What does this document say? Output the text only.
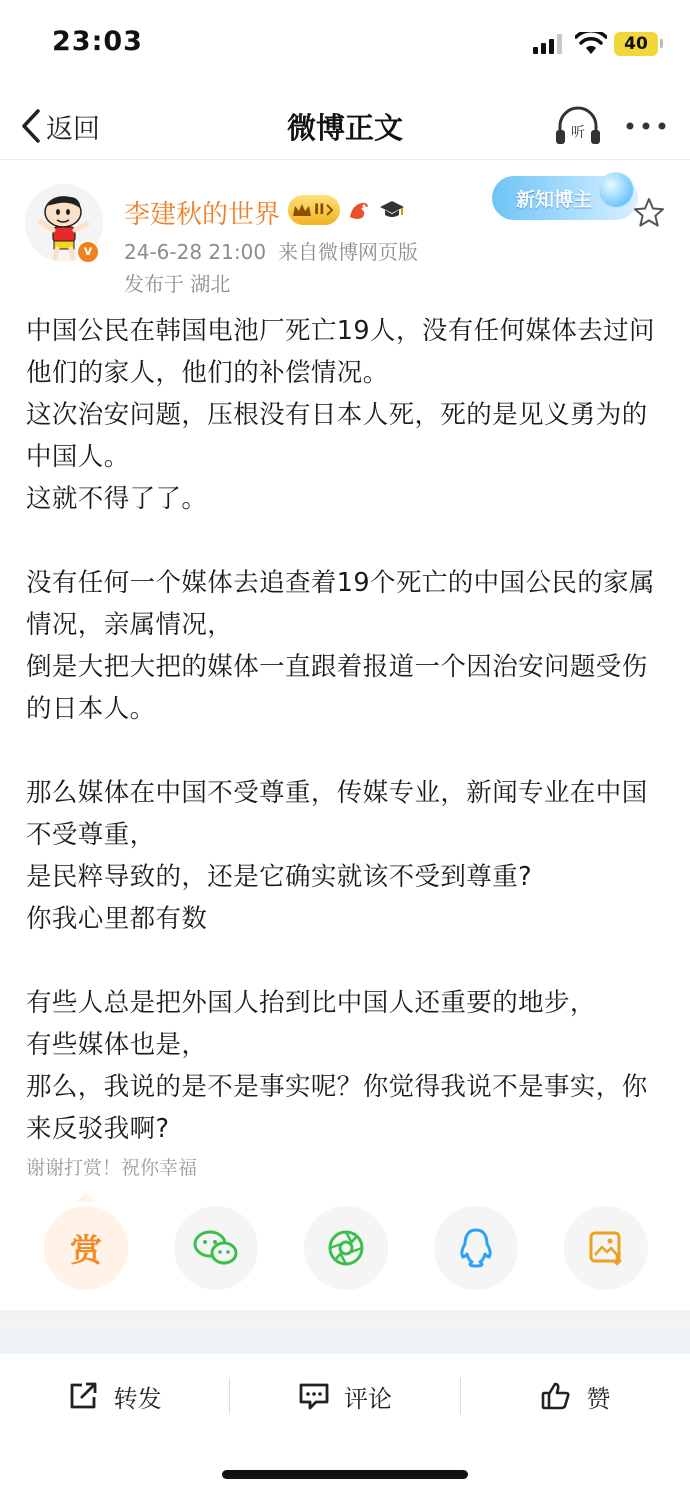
23:03	40
返回	微博正文	听
v
李建秋的世界 II
24-6-28 21:00 来自微博网页版
发布于 湖北
新知博主

中国公民在韩国电池厂死亡19人，没有任何媒体去过问他们的家人，他们的补偿情况。

这次治安问题，压根没有日本人死，死的是见义勇为的中国人。

这就不得了了。

没有任何一个媒体去追查着19个死亡的中国公民的家属情况，亲属情况，

倒是大把大把的媒体一直跟着报道一个因治安问题受伤的日本人。

那么媒体在中国不受尊重，传媒专业，新闻专业在中国不受尊重，

是民粹导致的，还是它确实就该不受到尊重?

你我心里都有数

有些人总是把外国人抬到比中国人还重要的地步，

有些媒体也是，

那么，我说的是不是事实呢？你觉得我说不是事实，你来反驳我啊?

谢谢打赏！祝你幸福
赏
转发	评论	赞
